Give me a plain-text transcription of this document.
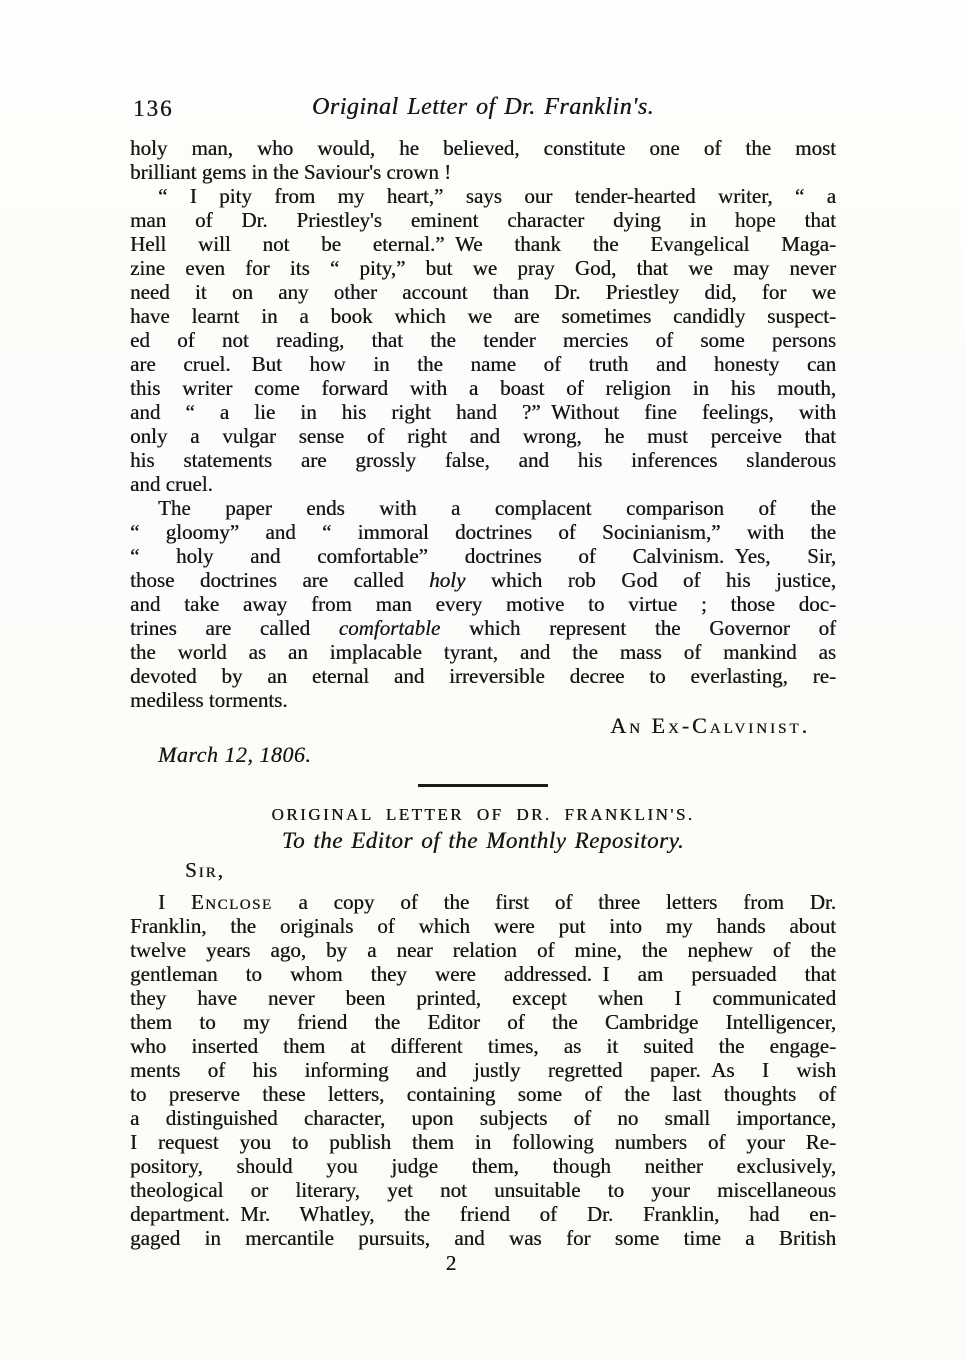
136	Original Letter of Dr. Franklin's.
holy man, who would, he believed, constitute one of the most
brilliant gems in the Saviour's crown !
“ I pity from my heart,” says our tender-hearted writer, “ a
man of Dr. Priestley's eminent character dying in hope that
Hell will not be eternal.” We thank the Evangelical Maga-
zine even for its “ pity,” but we pray God, that we may never
need it on any other account than Dr. Priestley did, for we
have learnt in a book which we are sometimes candidly suspect-
ed of not reading, that the tender mercies of some persons
are cruel.  But how in the name of truth and honesty can
this writer come forward with a boast of religion in his mouth,
and “ a lie in his right hand ?” Without fine feelings, with
only a vulgar sense of right and wrong, he must perceive that
his statements are grossly false, and his inferences slanderous
and cruel.
The paper ends with a complacent comparison of the
“ gloomy” and “ immoral doctrines of Socinianism,” with the
“ holy and comfortable” doctrines of Calvinism. Yes, Sir,
those doctrines are called holy which rob God of his justice,
and take away from man every motive to virtue ; those doc-
trines are called comfortable which represent the Governor of
the world as an implacable tyrant, and the mass of mankind as
devoted by an eternal and irreversible decree to everlasting, re-
mediless torments.
An Ex-Calvinist.
March 12, 1806.
ORIGINAL LETTER OF DR. FRANKLIN'S.
To the Editor of the Monthly Repository.
Sir,
I Enclose a copy of the first of three letters from Dr.
Franklin, the originals of which were put into my hands about
twelve years ago, by a near relation of mine, the nephew of the
gentleman to whom they were addressed. I am persuaded that
they have never been printed, except when I communicated
them to my friend the Editor of the Cambridge Intelligencer,
who inserted them at different times, as it suited the engage-
ments of his informing and justly regretted paper. As I wish
to preserve these letters, containing some of the last thoughts of
a distinguished character, upon subjects of no small importance,
I request you to publish them in following numbers of your Re-
pository, should you judge them, though neither exclusively,
theological or literary, yet not unsuitable to your miscellaneous
department. Mr. Whatley, the friend of Dr. Franklin, had en-
gaged in mercantile pursuits, and was for some time a British
2
